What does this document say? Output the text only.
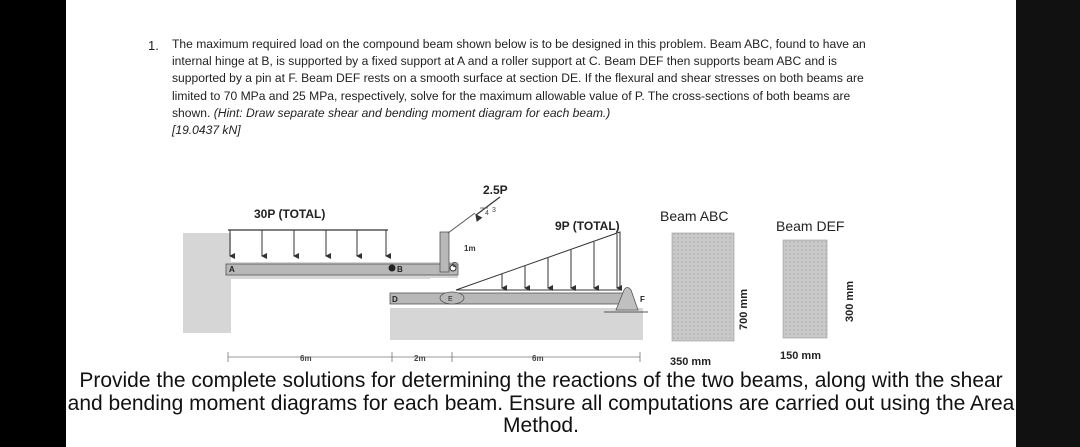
1. The maximum required load on the compound beam shown below is to be designed in this problem. Beam ABC, found to have an internal hinge at B, is supported by a fixed support at A and a roller support at C. Beam DEF then supports beam ABC and is supported by a pin at F. Beam DEF rests on a smooth surface at section DE. If the flexural and shear stresses on both beams are limited to 70 MPa and 25 MPa, respectively, solve for the maximum allowable value of P. The cross-sections of both beams are shown. (Hint: Draw separate shear and bending moment diagram for each beam.)
[19.0437 kN]
30P (TOTAL)
2.5P
4 3
1m
9P (TOTAL)
A	B	C
D	E	F
6m	2m	6m
Beam ABC
Beam DEF
700 mm	300 mm
350 mm	150 mm
Provide the complete solutions for determining the reactions of the two beams, along with the shear and bending moment diagrams for each beam. Ensure all computations are carried out using the Area Method.
